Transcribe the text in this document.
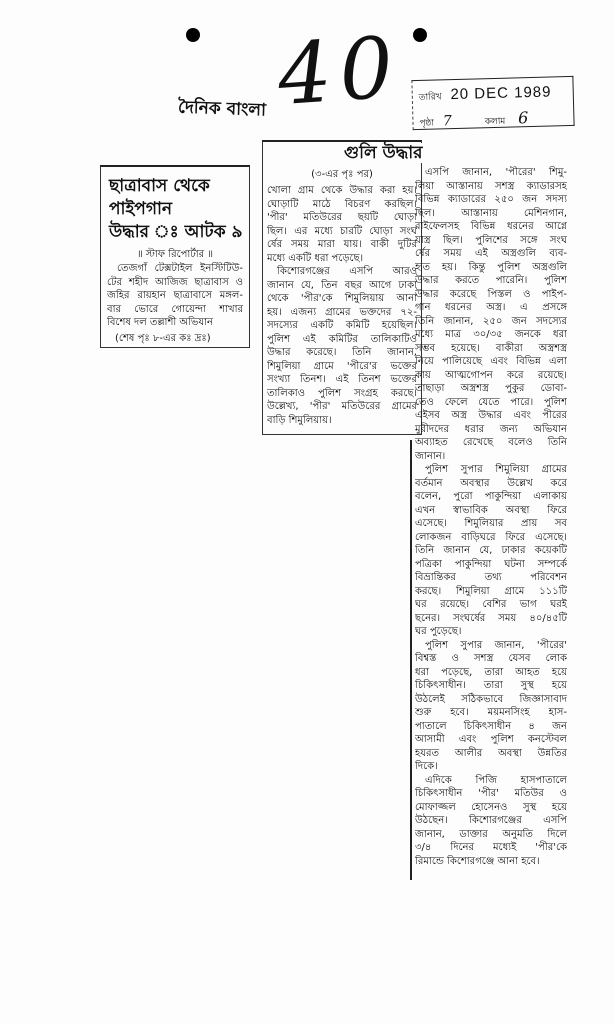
40
দৈনিক বাংলা	তারিখ 20 DEC 1989
পৃষ্ঠা 7	কলাম 6
ছাত্রাবাস থেকে
পাইপগান
উদ্ধার ঃ আটক ৯
॥ স্টাফ রিপোর্টার ॥
তেজগাঁ টেক্সটাইল ইনস্টিটিউ-
টের শহীদ আজিজ ছাত্রাবাস ও
জহির রায়হান ছাত্রাবাসে মঙ্গল-
বার ভোরে গোয়েন্দা শাখার
বিশেষ দল তল্লাশী অভিযান
(শেষ পৃঃ ৮-এর কঃ দ্রঃ)
(৩-এর পৃঃ পর)
খোলা গ্রাম থেকে উদ্ধার করা হয়।
ঘোড়াটি মাঠে বিচরণ করছিল।
'পীর' মতিউরের ছয়টি ঘোড়া
ছিল। এর মধ্যে চারটি ঘোড়া সংঘ
র্ষের সময় মারা যায়। বাকী দুটির
মধ্যে একটি ধরা পড়েছে।
কিশোরগঞ্জের এসপি আরও
জানান যে, তিন বছর আগে ঢাকা
থেকে 'পীর'কে শিমুলিয়ায় আনা
হয়। এজন্য গ্রামের ভক্তদের ৭২-
সদস্যের একটি কমিটি হয়েছিল।
পুলিশ এই কমিটির তালিকাটিও
উদ্ধার করেছে। তিনি জানান,
শিমুলিয়া গ্রামে 'পীরে'র ভক্তের
সংখ্যা তিনশ। এই তিনশ ভক্তের
তালিকাও পুলিশ সংগ্রহ করছে।
উল্লেখ্য, 'পীর' মতিউরের গ্রামের
বাড়ি শিমুলিয়ায়।
গুলি উদ্ধার
এসপি জানান, 'পীরের' শিমু-
লিয়া আস্তানায় সশস্ত্র ক্যাডারসহ
বিভিন্ন ক্যাডারের ২৫০ জন সদস্য
ছিল। আস্তানায় মেশিনগান,
রাইফেলসহ বিভিন্ন ধরনের আগ্নে
য়াস্ত্র ছিল। পুলিশের সঙ্গে সংঘ
র্ষের সময় এই অস্ত্রগুলি ব্যব-
হৃত হয়। কিন্তু পুলিশ অস্ত্রগুলি
উদ্ধার করতে পারেনি। পুলিশ
উদ্ধার করেছে পিস্তল ও পাইপ-
গান ধরনের অস্ত্র। এ প্রসঙ্গে
তিনি জানান, ২৫০ জন সদস্যের
মধ্যে মাত্র ৩০/৩৫ জনকে ধরা
সম্ভব হয়েছে। বাকীরা অস্ত্রশস্ত্র
নিয়ে পালিয়েছে এবং বিভিন্ন এলা
কায় আত্মগোপন করে রয়েছে।
তাছাড়া অস্ত্রশস্ত্র পুকুর ডোবা-
তেও ফেলে যেতে পারে। পুলিশ
এইসব অস্ত্র উদ্ধার এবং পীরের
মুরীদদের ধরার জন্য অভিযান
অব্যাহত রেখেছে বলেও তিনি
জানান।
পুলিশ সুপার শিমুলিয়া গ্রামের
বর্তমান অবস্থার উল্লেখ করে
বলেন, পুরো পাকুন্দিয়া এলাকায়
এখন স্বাভাবিক অবস্থা ফিরে
এসেছে। শিমুলিয়ার প্রায় সব
লোকজন বাড়িঘরে ফিরে এসেছে।
তিনি জানান যে, ঢাকার কয়েকটি
পত্রিকা পাকুন্দিয়া ঘটনা সম্পর্কে
বিভ্রান্তিকর তথ্য পরিবেশন
করছে। শিমুলিয়া গ্রামে ১১১টি
ঘর রয়েছে। বেশির ভাগ ঘরই
ছনের। সংঘর্ষের সময় ৪০/৪৫টি
ঘর পুড়েছে।
পুলিশ সুপার জানান, 'পীরের'
বিশ্বস্ত ও সশস্ত্র যেসব লোক
ধরা পড়েছে, তারা আহত হয়ে
চিকিৎসাধীন। তারা সুস্থ হয়ে
উঠলেই সঠিকভাবে জিজ্ঞাসাবাদ
শুরু হবে। ময়মনসিংহ হাস-
পাতালে চিকিৎসাধীন ৪ জন
আসামী এবং পুলিশ কনস্টেবল
হযরত আলীর অবস্থা উন্নতির
দিকে।
এদিকে পিজি হাসপাতালে
চিকিৎসাধীন 'পীর' মতিউর ও
মোফাজ্জল হোসেনও সুস্থ হয়ে
উঠছেন। কিশোরগঞ্জের এসপি
জানান, ডাক্তার অনুমতি দিলে
৩/৪ দিনের মধ্যেই 'পীর'কে
রিমান্ডে কিশোরগঞ্জে আনা হবে।
